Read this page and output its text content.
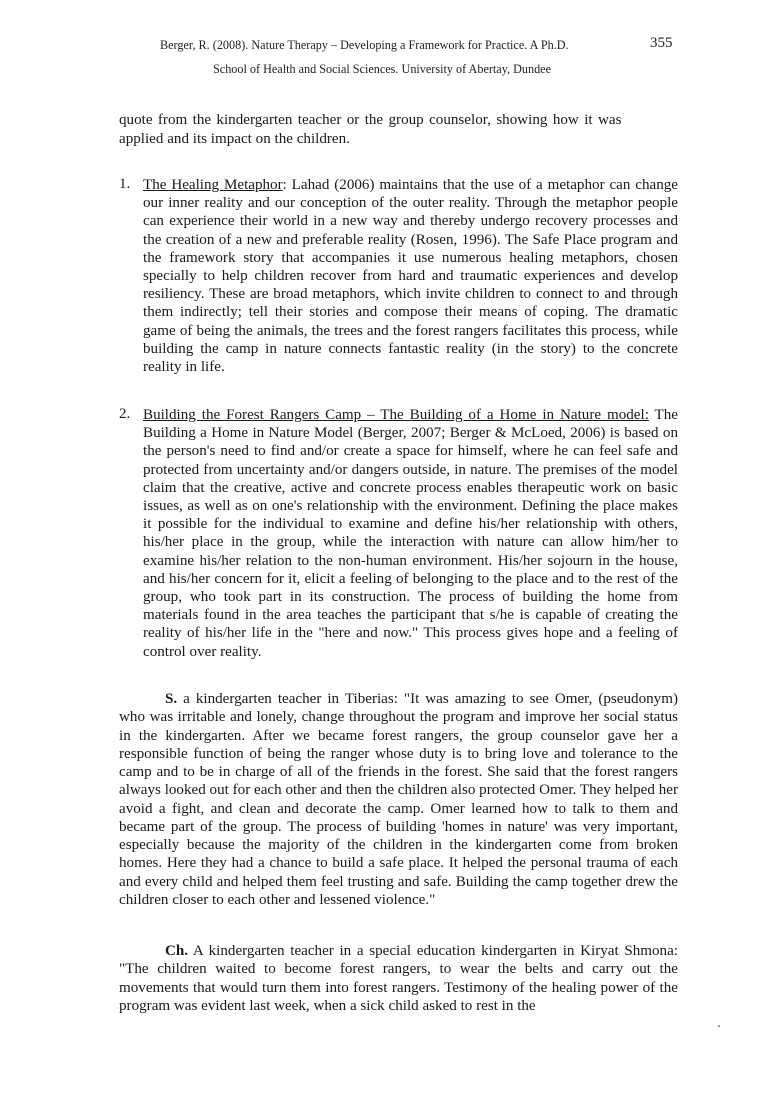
Berger, R. (2008). Nature Therapy – Developing a Framework for Practice. A Ph.D.	355
School of Health and Social Sciences. University of Abertay, Dundee
quote from the kindergarten teacher or the group counselor, showing how it was
applied and its impact on the children.
1. The Healing Metaphor: Lahad (2006) maintains that the use of a metaphor can change our inner reality and our conception of the outer reality. Through the metaphor people can experience their world in a new way and thereby undergo recovery processes and the creation of a new and preferable reality (Rosen, 1996). The Safe Place program and the framework story that accompanies it use numerous healing metaphors, chosen specially to help children recover from hard and traumatic experiences and develop resiliency. These are broad metaphors, which invite children to connect to and through them indirectly; tell their stories and compose their means of coping. The dramatic game of being the animals, the trees and the forest rangers facilitates this process, while building the camp in nature connects fantastic reality (in the story) to the concrete reality in life.
2. Building the Forest Rangers Camp – The Building of a Home in Nature model: The Building a Home in Nature Model (Berger, 2007; Berger & McLoed, 2006) is based on the person's need to find and/or create a space for himself, where he can feel safe and protected from uncertainty and/or dangers outside, in nature. The premises of the model claim that the creative, active and concrete process enables therapeutic work on basic issues, as well as on one's relationship with the environment. Defining the place makes it possible for the individual to examine and define his/her relationship with others, his/her place in the group, while the interaction with nature can allow him/her to examine his/her relation to the non-human environment. His/her sojourn in the house, and his/her concern for it, elicit a feeling of belonging to the place and to the rest of the group, who took part in its construction. The process of building the home from materials found in the area teaches the participant that s/he is capable of creating the reality of his/her life in the "here and now." This process gives hope and a feeling of control over reality.
S. a kindergarten teacher in Tiberias: "It was amazing to see Omer, (pseudonym) who was irritable and lonely, change throughout the program and improve her social status in the kindergarten. After we became forest rangers, the group counselor gave her a responsible function of being the ranger whose duty is to bring love and tolerance to the camp and to be in charge of all of the friends in the forest. She said that the forest rangers always looked out for each other and then the children also protected Omer. They helped her avoid a fight, and clean and decorate the camp. Omer learned how to talk to them and became part of the group. The process of building 'homes in nature' was very important, especially because the majority of the children in the kindergarten come from broken homes. Here they had a chance to build a safe place. It helped the personal trauma of each and every child and helped them feel trusting and safe. Building the camp together drew the children closer to each other and lessened violence."
Ch. A kindergarten teacher in a special education kindergarten in Kiryat Shmona: "The children waited to become forest rangers, to wear the belts and carry out the movements that would turn them into forest rangers. Testimony of the healing power of the program was evident last week, when a sick child asked to rest in the
